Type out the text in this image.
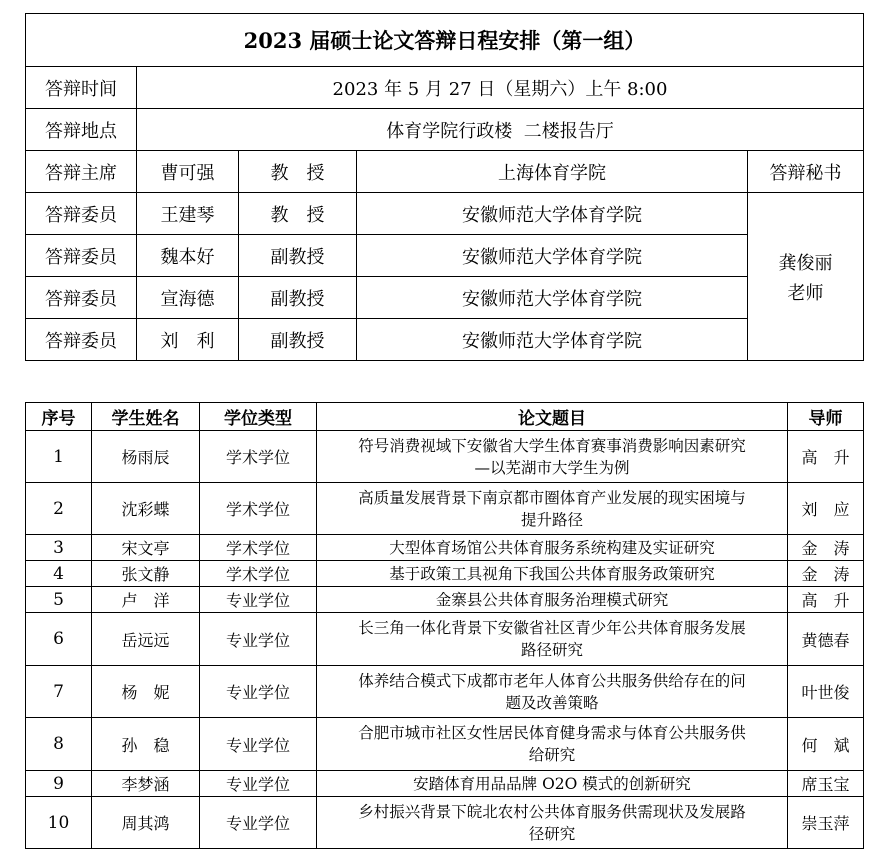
2023 届硕士论文答辩日程安排（第一组）				
答辩时间	2023 年 5 月 27 日（星期六）上午 8:00			
答辩地点	体育学院行政楼  二楼报告厅			
答辩主席	曹可强	教　授	上海体育学院	答辩秘书
答辩委员	王建琴	教　授	安徽师范大学体育学院	龚俊丽
老师

答辩委员	魏本好	副教授	安徽师范大学体育学院	
答辩委员	宣海德	副教授	安徽师范大学体育学院	
答辩委员	刘　利	副教授	安徽师范大学体育学院	
序号	学生姓名	学位类型	论文题目	导师
1	杨雨辰	学术学位	符号消费视域下安徽省大学生体育赛事消费影响因素研究
—以芜湖市大学生为例	高　升
2	沈彩蝶	学术学位	高质量发展背景下南京都市圈体育产业发展的现实困境与
提升路径	刘　应
3	宋文亭	学术学位	大型体育场馆公共体育服务系统构建及实证研究	金　涛
4	张文静	学术学位	基于政策工具视角下我国公共体育服务政策研究	金　涛
5	卢　洋	专业学位	金寨县公共体育服务治理模式研究	高　升
6	岳远远	专业学位	长三角一体化背景下安徽省社区青少年公共体育服务发展
路径研究	黄德春
7	杨　妮	专业学位	体养结合模式下成都市老年人体育公共服务供给存在的问
题及改善策略	叶世俊
8	孙　稳	专业学位	合肥市城市社区女性居民体育健身需求与体育公共服务供
给研究	何　斌
9	李梦涵	专业学位	安踏体育用品品牌 O2O 模式的创新研究	席玉宝
10	周其鸿	专业学位	乡村振兴背景下皖北农村公共体育服务供需现状及发展路
径研究	崇玉萍
